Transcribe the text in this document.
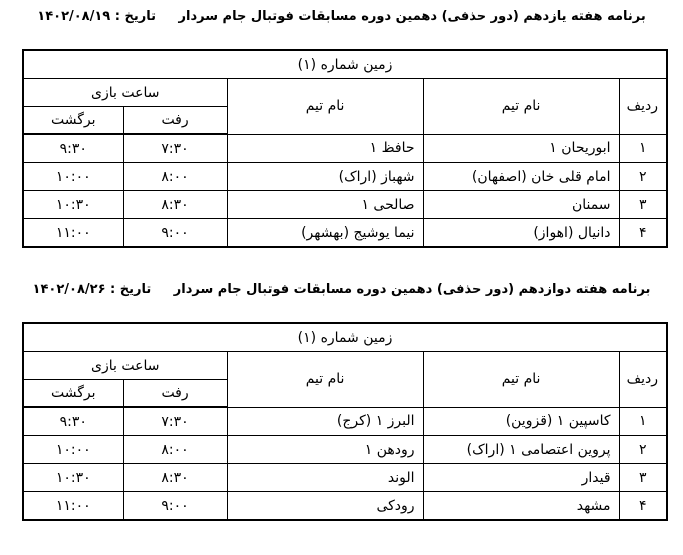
تاریخ : ۱۴۰۲/۰۸/۱۹ برنامه هفته یازدهم (دور حذفی) دهمین دوره مسابقات فوتبال جام سردار
زمین شماره (۱)				
ردیف	نام تیم	نام تیم	ساعت بازی	
			رفت	برگشت
۱	ابوریحان ۱	حافظ ۱	۷:۳۰	۹:۳۰
۲	امام قلی خان (اصفهان)	شهباز (اراک)	۸:۰۰	۱۰:۰۰
۳	سمنان	صالحی ۱	۸:۳۰	۱۰:۳۰
۴	دانیال (اهواز)	نیما یوشیج (بهشهر)	۹:۰۰	۱۱:۰۰
تاریخ : ۱۴۰۲/۰۸/۲۶ برنامه هفته دوازدهم (دور حذفی) دهمین دوره مسابقات فوتبال جام سردار
زمین شماره (۱)				
ردیف	نام تیم	نام تیم	ساعت بازی	
			رفت	برگشت
۱	کاسپین ۱ (قزوین)	البرز ۱ (کرج)	۷:۳۰	۹:۳۰
۲	پروین اعتصامی ۱ (اراک)	رودهن ۱	۸:۰۰	۱۰:۰۰
۳	قیدار	الوند	۸:۳۰	۱۰:۳۰
۴	مشهد	رودکی	۹:۰۰	۱۱:۰۰
